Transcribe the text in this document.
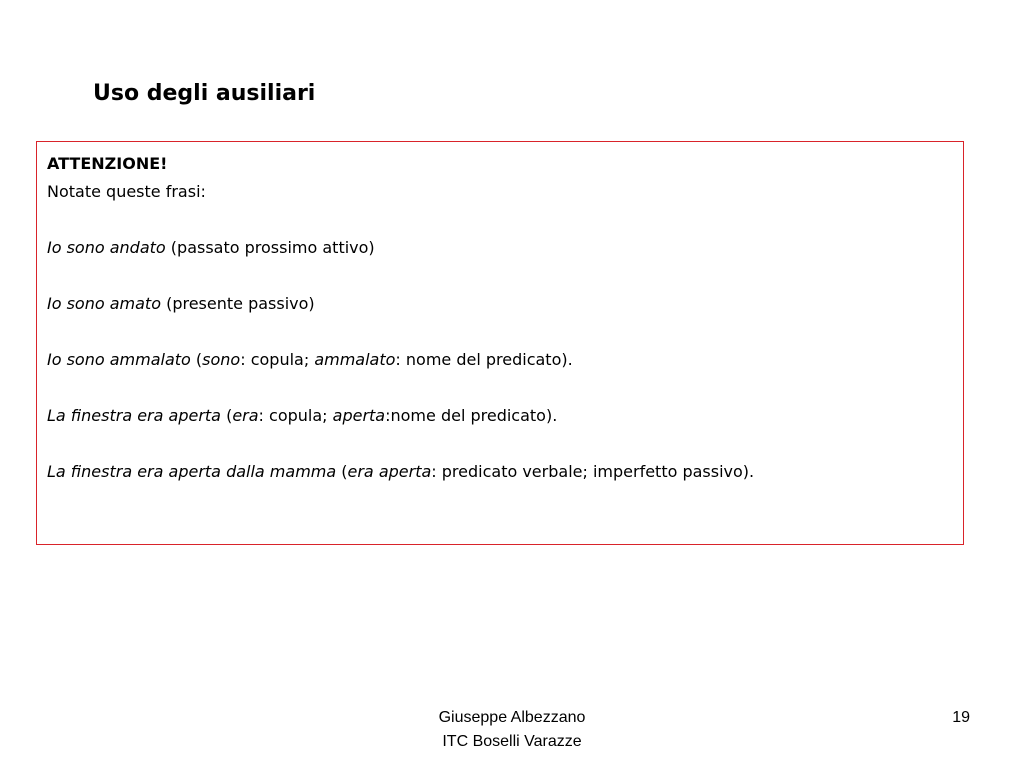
Uso degli ausiliari

ATTENZIONE!

Notate queste frasi:

Io sono andato (passato prossimo attivo)

Io sono amato (presente passivo)

Io sono ammalato (sono: copula; ammalato: nome del predicato).

La finestra era aperta (era: copula; aperta:nome del predicato).

La finestra era aperta dalla mamma (era aperta: predicato verbale; imperfetto passivo).

Giuseppe Albezzano
ITC Boselli Varazze
19
